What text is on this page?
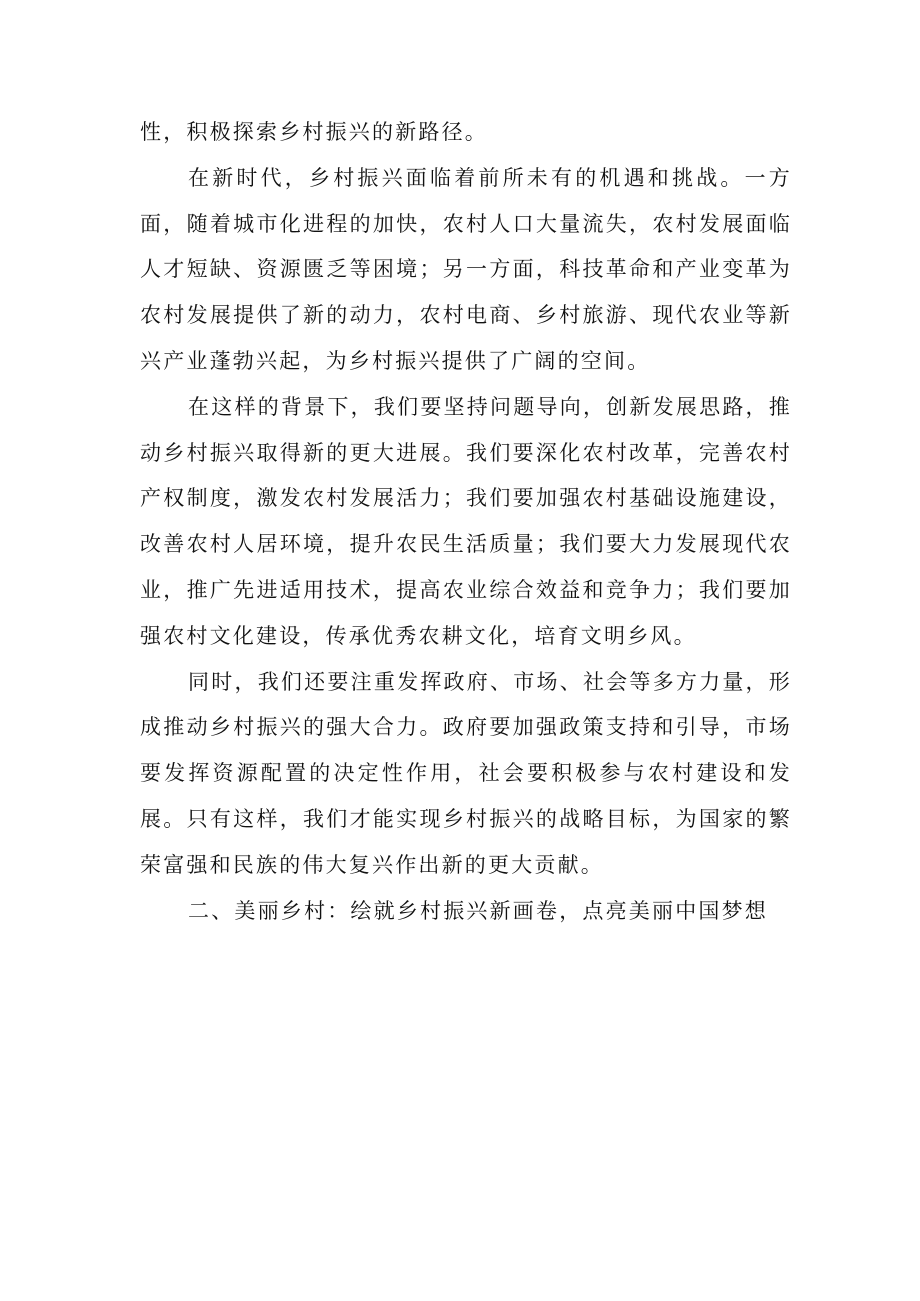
性，积极探索乡村振兴的新路径。

在新时代，乡村振兴面临着前所未有的机遇和挑战。一方面，随着城市化进程的加快，农村人口大量流失，农村发展面临人才短缺、资源匮乏等困境；另一方面，科技革命和产业变革为农村发展提供了新的动力，农村电商、乡村旅游、现代农业等新兴产业蓬勃兴起，为乡村振兴提供了广阔的空间。

在这样的背景下，我们要坚持问题导向，创新发展思路，推动乡村振兴取得新的更大进展。我们要深化农村改革，完善农村产权制度，激发农村发展活力；我们要加强农村基础设施建设，改善农村人居环境，提升农民生活质量；我们要大力发展现代农业，推广先进适用技术，提高农业综合效益和竞争力；我们要加强农村文化建设，传承优秀农耕文化，培育文明乡风。

同时，我们还要注重发挥政府、市场、社会等多方力量，形成推动乡村振兴的强大合力。政府要加强政策支持和引导，市场要发挥资源配置的决定性作用，社会要积极参与农村建设和发展。只有这样，我们才能实现乡村振兴的战略目标，为国家的繁荣富强和民族的伟大复兴作出新的更大贡献。

二、美丽乡村：绘就乡村振兴新画卷，点亮美丽中国梦想
